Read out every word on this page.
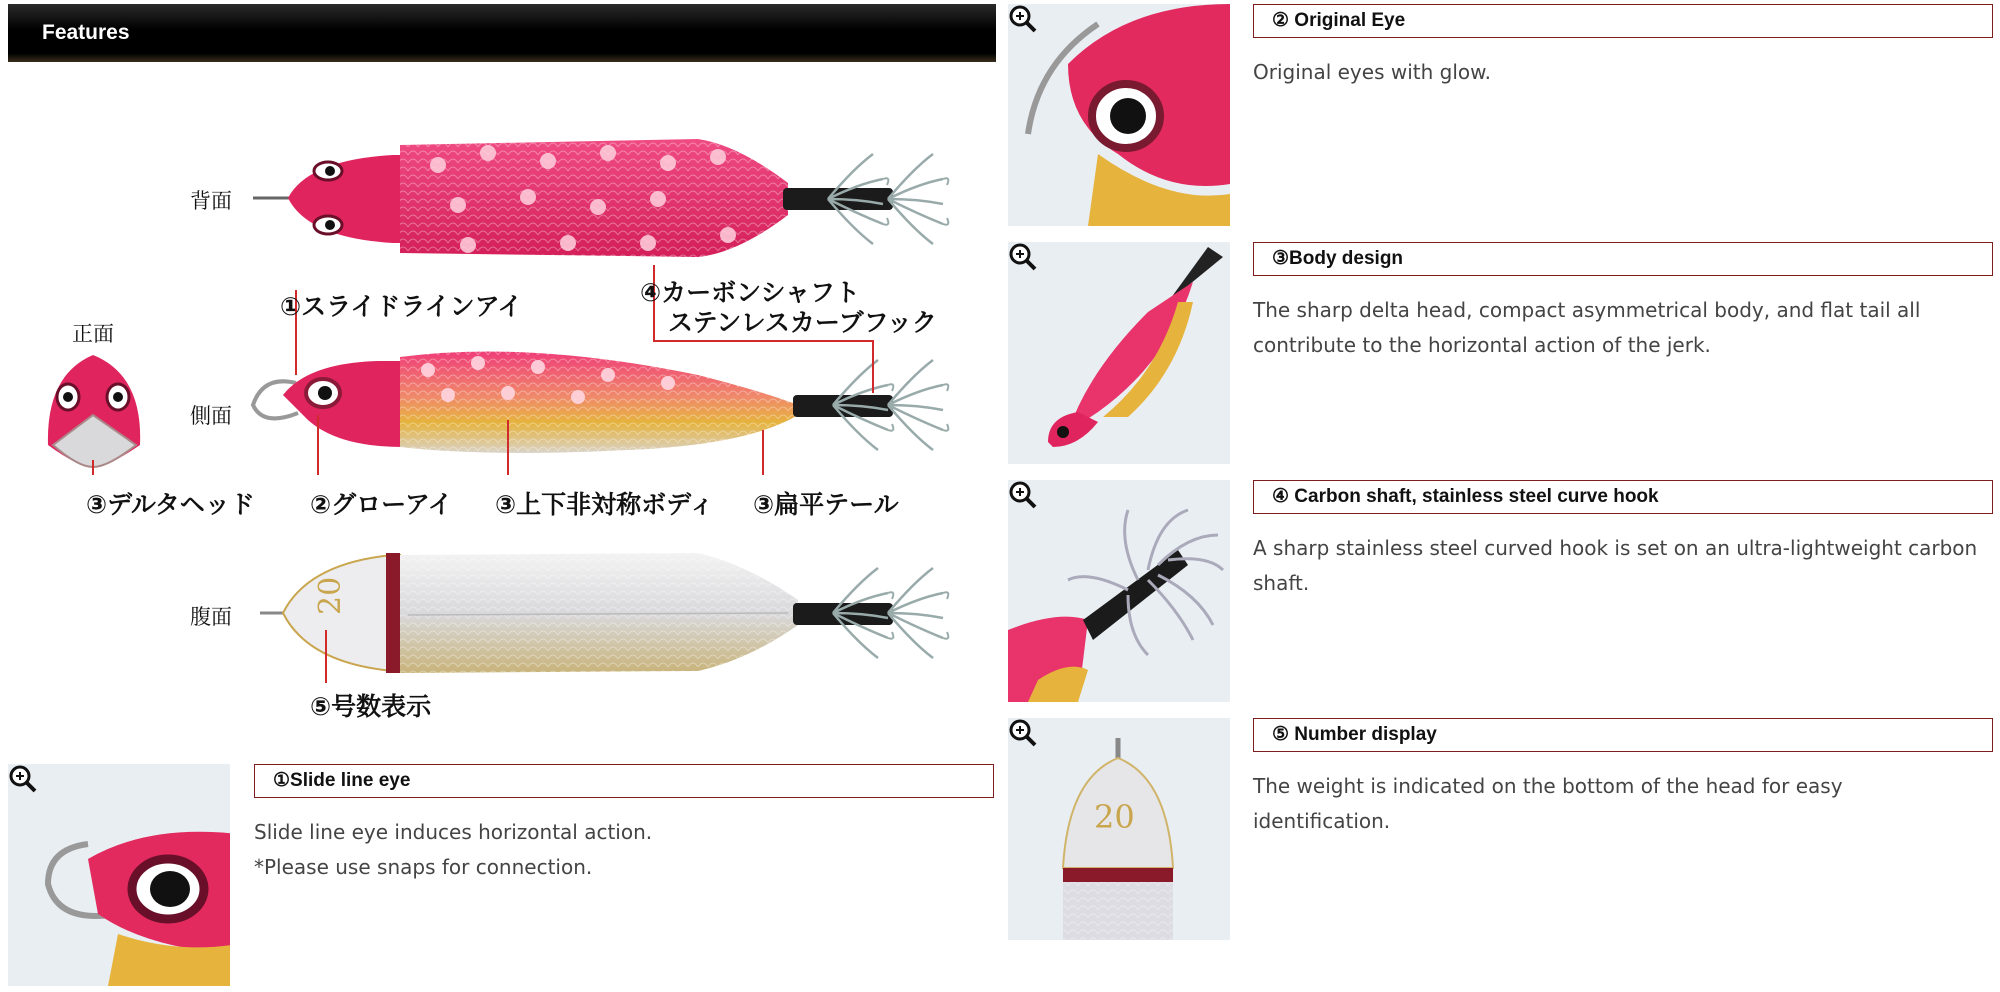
Features
20
背面
側面
腹面
正面
①スライドラインアイ	④カーボンシャフト
ステンレスカーブフック
③デルタヘッド ②グローアイ ③上下非対称ボディ ③扁平テール
⑤号数表示
①Slide line eye
Slide line eye induces horizontal action.
*Please use snaps for connection.
② Original Eye
Original eyes with glow.
③Body design
The sharp delta head, compact asymmetrical body, and flat tail all
contribute to the horizontal action of the jerk.
④ Carbon shaft, stainless steel curve hook
A sharp stainless steel curved hook is set on an ultra-lightweight carbon
shaft.
20
⑤ Number display
The weight is indicated on the bottom of the head for easy
identification.
